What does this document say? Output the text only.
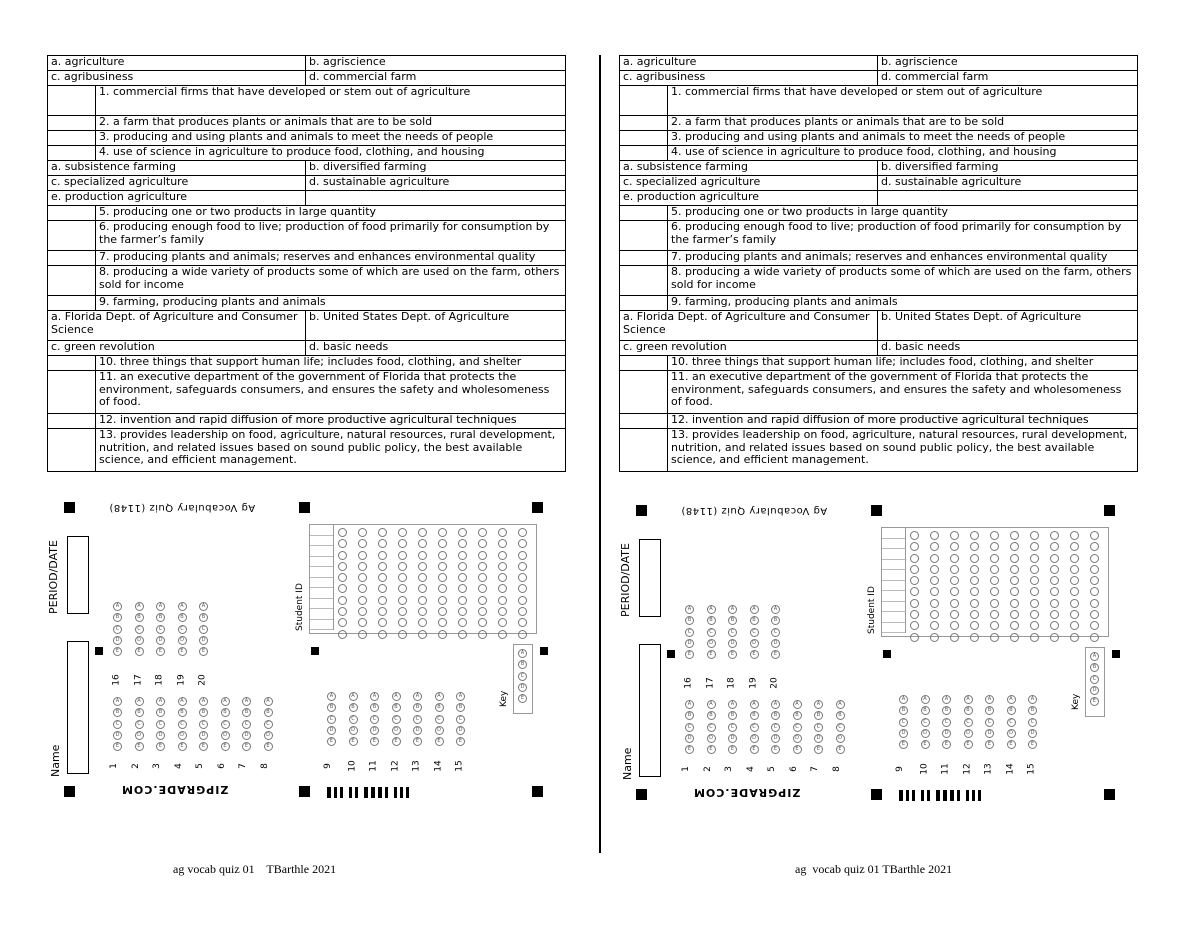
a. agriculture		b. agriscience
c. agribusiness		d. commercial farm
	1. commercial firms that have developed or stem out of agriculture	
	2. a farm that produces plants or animals that are to be sold	
	3. producing and using plants and animals to meet the needs of people	
	4. use of science in agriculture to produce food, clothing, and housing	
a. subsistence farming		b. diversified farming
c. specialized agriculture		d. sustainable agriculture
e. production agriculture		
	5. producing one or two products in large quantity	
	6. producing enough food to live; production of food primarily for consumption by the farmer’s family	
	7. producing plants and animals; reserves and enhances environmental quality	
	8. producing a wide variety of products some of which are used on the farm, others sold for income	
	9. farming, producing plants and animals	
a. Florida Dept. of Agriculture and Consumer Science		b. United States Dept. of Agriculture
c. green revolution		d. basic needs
	10. three things that support human life; includes food, clothing, and shelter	
	11. an executive department of the government of Florida that protects the environment, safeguards consumers, and ensures the safety and wholesomeness of food.	
	12. invention and rapid diffusion of more productive agricultural techniques	
	13. provides leadership on food, agriculture, natural resources, rural development, nutrition, and related issues based on sound public policy, the best available science, and efficient management.	
Ag Vocabulary Quiz (1148)
PERIOD/DATE
Name
A
B
C
D
E
1
A
B
C
D
E
2
A
B
C
D
E
3
A
B
C
D
E
4
A
B
C
D
E
5
A
B
C
D
E
6
A
B
C
D
E
7
A
B
C
D
E
8
A
B
C
D
E
16
A
B
C
D
E
17
A
B
C
D
E
18
A
B
C
D
E
19
A
B
C
D
E
20
A
B
C
D
E
9
A
B
C
D
E
10
A
B
C
D
E
11
A
B
C
D
E
12
A
B
C
D
E
13
A
B
C
D
E
14
A
B
C
D
E
15
Student ID
A
B
C
D
E
Key
ZIPGRADE.COM
a. agriculture		b. agriscience
c. agribusiness		d. commercial farm
	1. commercial firms that have developed or stem out of agriculture	
	2. a farm that produces plants or animals that are to be sold	
	3. producing and using plants and animals to meet the needs of people	
	4. use of science in agriculture to produce food, clothing, and housing	
a. subsistence farming		b. diversified farming
c. specialized agriculture		d. sustainable agriculture
e. production agriculture		
	5. producing one or two products in large quantity	
	6. producing enough food to live; production of food primarily for consumption by the farmer’s family	
	7. producing plants and animals; reserves and enhances environmental quality	
	8. producing a wide variety of products some of which are used on the farm, others sold for income	
	9. farming, producing plants and animals	
a. Florida Dept. of Agriculture and Consumer Science		b. United States Dept. of Agriculture
c. green revolution		d. basic needs
	10. three things that support human life; includes food, clothing, and shelter	
	11. an executive department of the government of Florida that protects the environment, safeguards consumers, and ensures the safety and wholesomeness of food.	
	12. invention and rapid diffusion of more productive agricultural techniques	
	13. provides leadership on food, agriculture, natural resources, rural development, nutrition, and related issues based on sound public policy, the best available science, and efficient management.	
Ag Vocabulary Quiz (1148)
PERIOD/DATE
Name
A
B
C
D
E
1
A
B
C
D
E
2
A
B
C
D
E
3
A
B
C
D
E
4
A
B
C
D
E
5
A
B
C
D
E
6
A
B
C
D
E
7
A
B
C
D
E
8
A
B
C
D
E
16
A
B
C
D
E
17
A
B
C
D
E
18
A
B
C
D
E
19
A
B
C
D
E
20
A
B
C
D
E
9
A
B
C
D
E
10
A
B
C
D
E
11
A
B
C
D
E
12
A
B
C
D
E
13
A
B
C
D
E
14
A
B
C
D
E
15
Student ID
A
B
C
D
E
Key
ZIPGRADE.COM
ag vocab quiz 01    TBarthle 2021	ag  vocab quiz 01 TBarthle 2021
